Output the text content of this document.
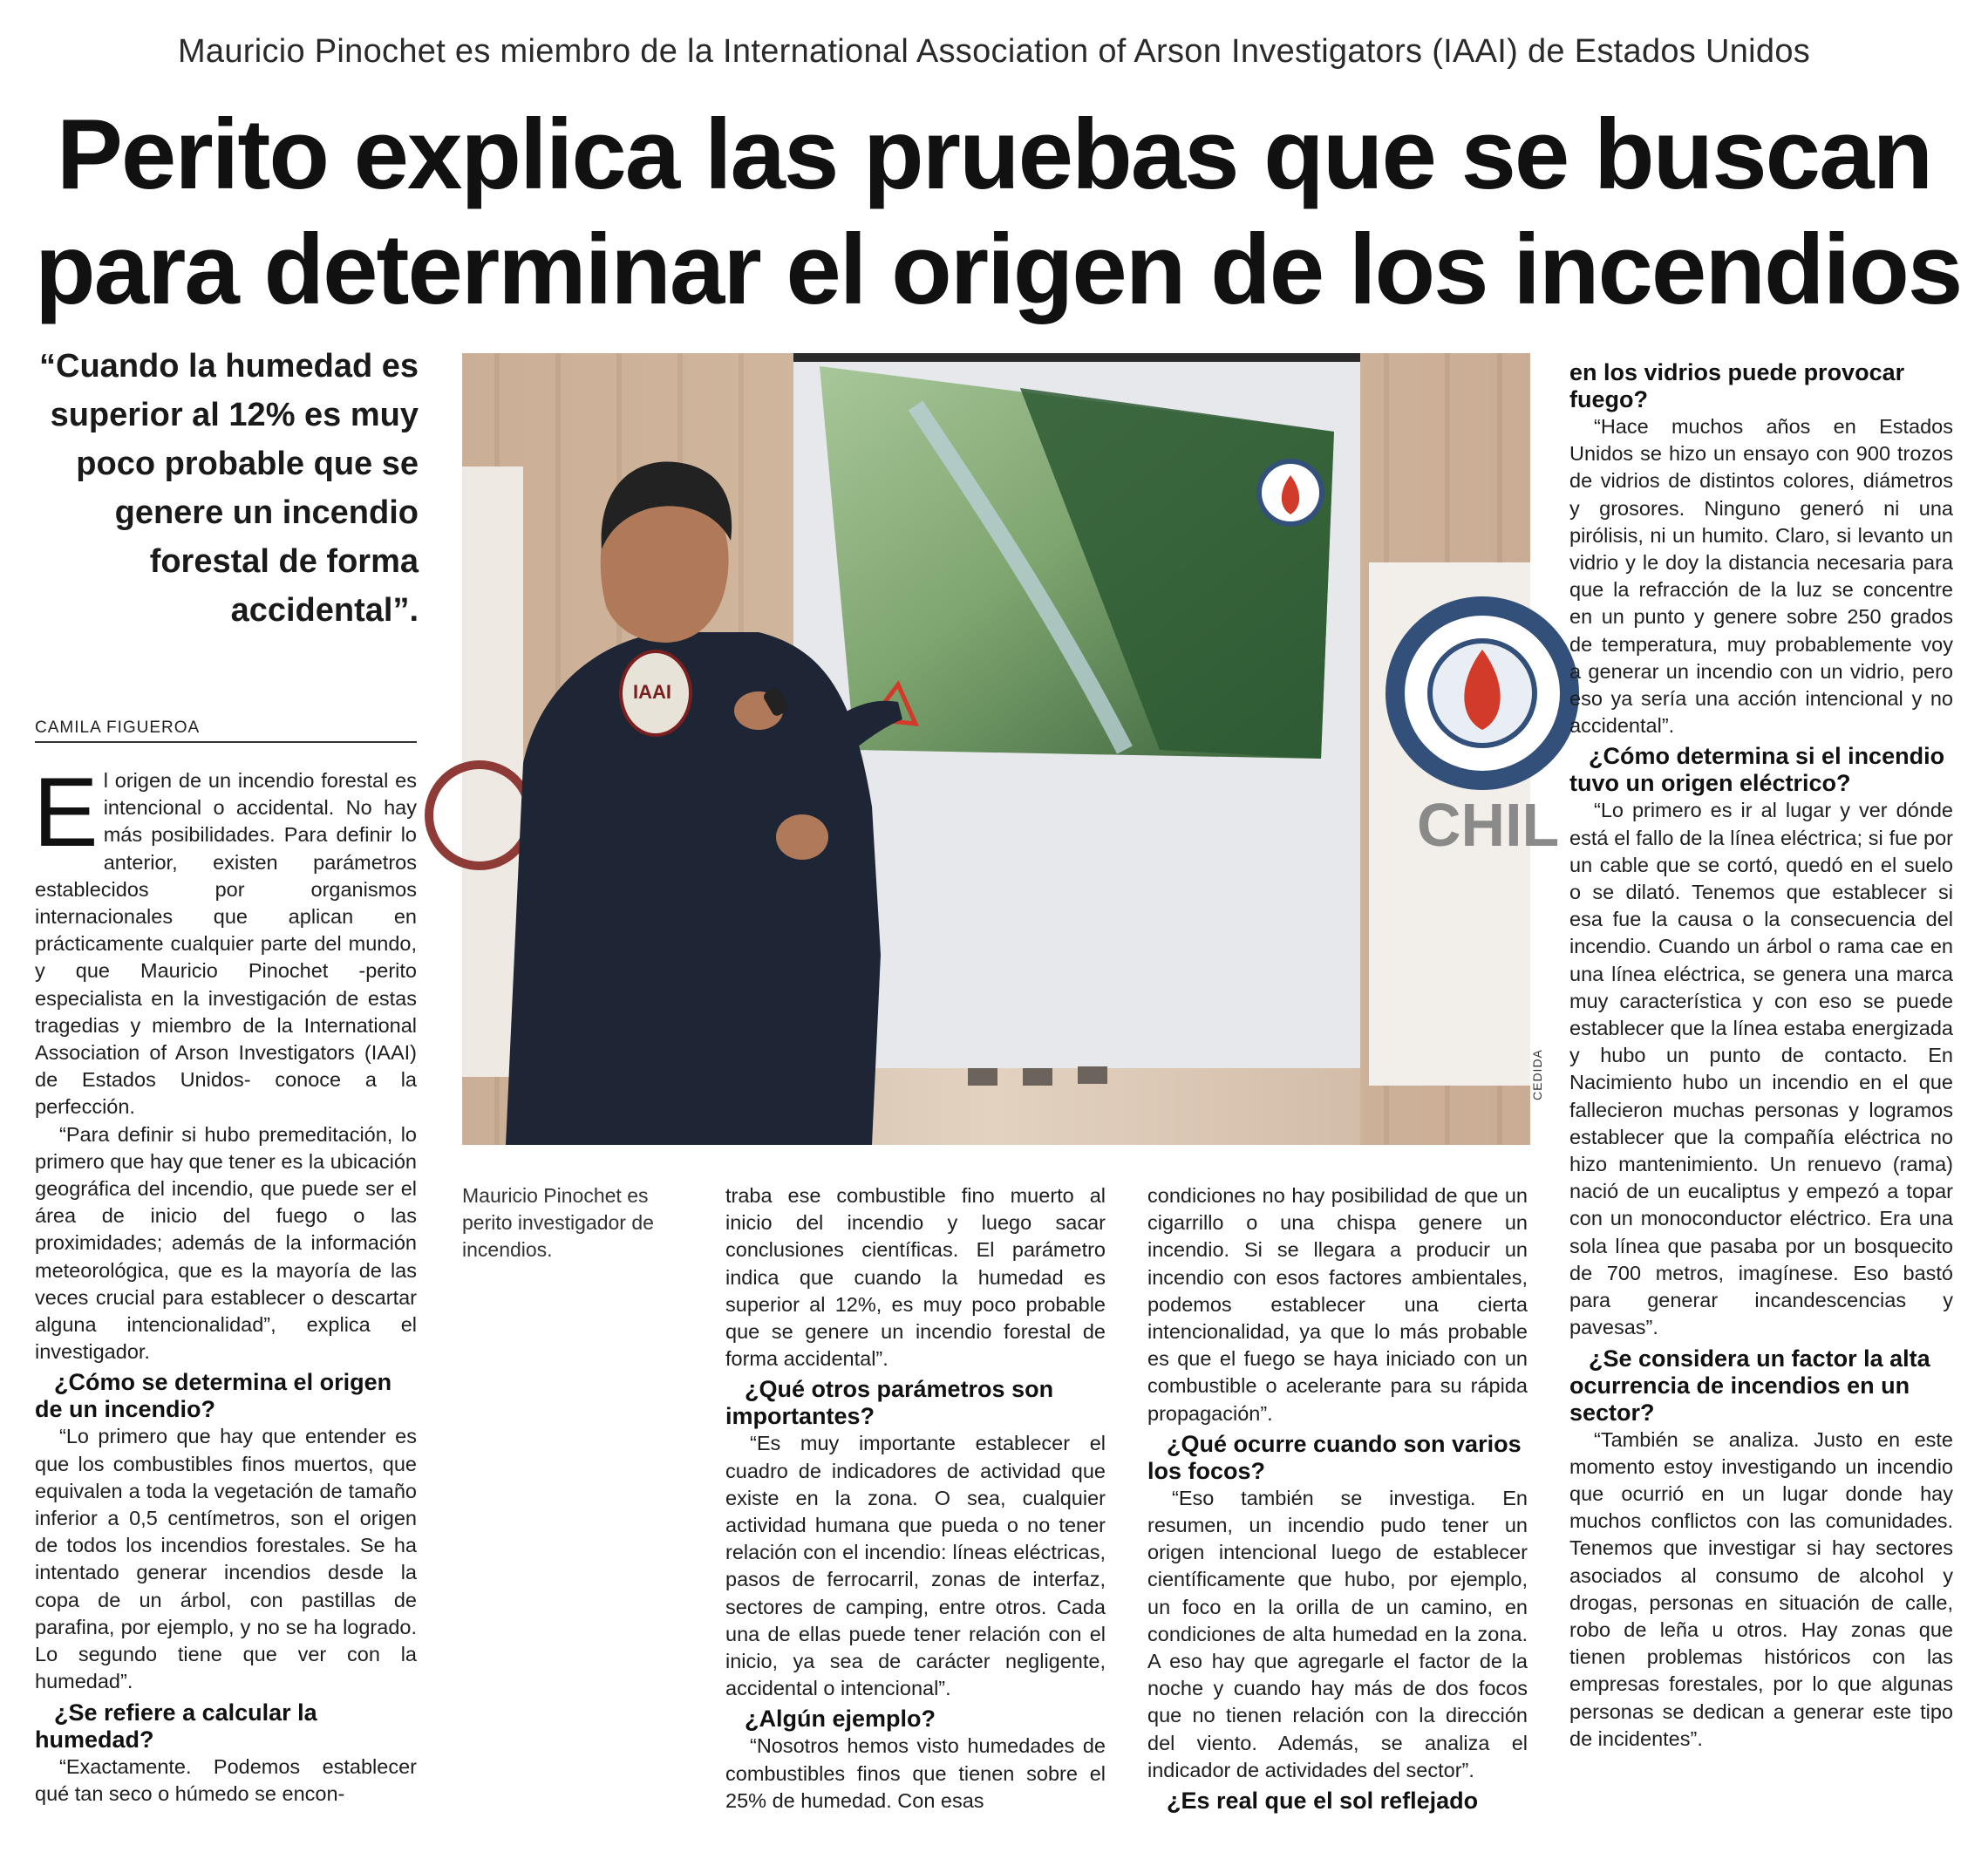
Mauricio Pinochet es miembro de la International Association of Arson Investigators (IAAI) de Estados Unidos
Perito explica las pruebas que se buscan
para determinar el origen de los incendios
“Cuando la humedad es superior al 12% es muy poco probable que se genere un incendio forestal de forma accidental”.
CAMILA FIGUEROA
E l origen de un incendio forestal es intencional o accidental. No hay más posibilidades. Para definir lo anterior, existen parámetros establecidos por organismos internacionales que aplican en prácticamente cualquier parte del mundo, y que Mauricio Pinochet -perito especialista en la investigación de estas tragedias y miembro de la International Association of Arson Investigators (IAAI) de Estados Unidos- conoce a la perfección.

“Para definir si hubo premeditación, lo primero que hay que tener es la ubicación geográfica del incendio, que puede ser el área de inicio del fuego o las proximidades; además de la información meteorológica, que es la mayoría de las veces crucial para establecer o descartar alguna intencionalidad”, explica el investigador.

¿Cómo se determina el origen de un incendio?

“Lo primero que hay que entender es que los combustibles finos muertos, que equivalen a toda la vegetación de tamaño inferior a 0,5 centímetros, son el origen de todos los incendios forestales. Se ha intentado generar incendios desde la copa de un árbol, con pastillas de parafina, por ejemplo, y no se ha logrado. Lo segundo tiene que ver con la humedad”.

¿Se refiere a calcular la humedad?

“Exactamente. Podemos establecer qué tan seco o húmedo se encon-

CHIL
IAAI
CEDIDA
Mauricio Pinochet es perito investigador de incendios.

traba ese combustible fino muerto al inicio del incendio y luego sacar conclusiones científicas. El parámetro indica que cuando la humedad es superior al 12%, es muy poco probable que se genere un incendio forestal de forma accidental”.

¿Qué otros parámetros son importantes?

“Es muy importante establecer el cuadro de indicadores de actividad que existe en la zona. O sea, cualquier actividad humana que pueda o no tener relación con el incendio: líneas eléctricas, pasos de ferrocarril, zonas de interfaz, sectores de camping, entre otros. Cada una de ellas puede tener relación con el inicio, ya sea de carácter negligente, accidental o intencional”.

¿Algún ejemplo?

“Nosotros hemos visto humedades de combustibles finos que tienen sobre el 25% de humedad. Con esas

condiciones no hay posibilidad de que un cigarrillo o una chispa genere un incendio. Si se llegara a producir un incendio con esos factores ambientales, podemos establecer una cierta intencionalidad, ya que lo más probable es que el fuego se haya iniciado con un combustible o acelerante para su rápida propagación”.

¿Qué ocurre cuando son varios los focos?

“Eso también se investiga. En resumen, un incendio pudo tener un origen intencional luego de establecer científicamente que hubo, por ejemplo, un foco en la orilla de un camino, en condiciones de alta humedad en la zona. A eso hay que agregarle el factor de la noche y cuando hay más de dos focos que no tienen relación con la dirección del viento. Además, se analiza el indicador de actividades del sector”.

¿Es real que el sol reflejado
en los vidrios puede provocar fuego?

“Hace muchos años en Estados Unidos se hizo un ensayo con 900 trozos de vidrios de distintos colores, diámetros y grosores. Ninguno generó ni una pirólisis, ni un humito. Claro, si levanto un vidrio y le doy la distancia necesaria para que la refracción de la luz se concentre en un punto y genere sobre 250 grados de temperatura, muy probablemente voy a generar un incendio con un vidrio, pero eso ya sería una acción intencional y no accidental”.

¿Cómo determina si el incendio tuvo un origen eléctrico?

“Lo primero es ir al lugar y ver dónde está el fallo de la línea eléctrica; si fue por un cable que se cortó, quedó en el suelo o se dilató. Tenemos que establecer si esa fue la causa o la consecuencia del incendio. Cuando un árbol o rama cae en una línea eléctrica, se genera una marca muy característica y con eso se puede establecer que la línea estaba energizada y hubo un punto de contacto. En Nacimiento hubo un incendio en el que fallecieron muchas personas y logramos establecer que la compañía eléctrica no hizo mantenimiento. Un renuevo (rama) nació de un eucaliptus y empezó a topar con un monoconductor eléctrico. Era una sola línea que pasaba por un bosquecito de 700 metros, imagínese. Eso bastó para generar incandescencias y pavesas”.

¿Se considera un factor la alta ocurrencia de incendios en un sector?

“También se analiza. Justo en este momento estoy investigando un incendio que ocurrió en un lugar donde hay muchos conflictos con las comunidades. Tenemos que investigar si hay sectores asociados al consumo de alcohol y drogas, personas en situación de calle, robo de leña u otros. Hay zonas que tienen problemas históricos con las empresas forestales, por lo que algunas personas se dedican a generar este tipo de incidentes”.
